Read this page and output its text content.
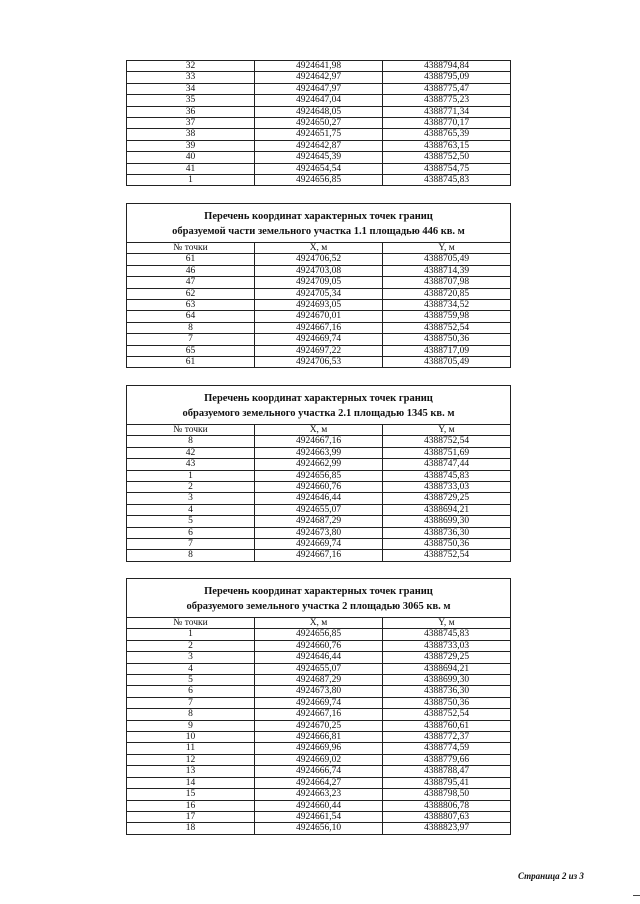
32	4924641,98	4388794,84
33	4924642,97	4388795,09
34	4924647,97	4388775,47
35	4924647,04	4388775,23
36	4924648,05	4388771,34
37	4924650,27	4388770,17
38	4924651,75	4388765,39
39	4924642,87	4388763,15
40	4924645,39	4388752,50
41	4924654,54	4388754,75
1	4924656,85	4388745,83
Перечень координат характерных точек границ
образуемой части земельного участка 1.1 площадью 446 кв. м		
№ точки	X, м	Y, м
61	4924706,52	4388705,49
46	4924703,08	4388714,39
47	4924709,05	4388707,98
62	4924705,34	4388720,85
63	4924693,05	4388734,52
64	4924670,01	4388759,98
8	4924667,16	4388752,54
7	4924669,74	4388750,36
65	4924697,22	4388717,09
61	4924706,53	4388705,49
Перечень координат характерных точек границ
образуемого земельного участка 2.1 площадью 1345 кв. м		
№ точки	X, м	Y, м
8	4924667,16	4388752,54
42	4924663,99	4388751,69
43	4924662,99	4388747,44
1	4924656,85	4388745,83
2	4924660,76	4388733,03
3	4924646,44	4388729,25
4	4924655,07	4388694,21
5	4924687,29	4388699,30
6	4924673,80	4388736,30
7	4924669,74	4388750,36
8	4924667,16	4388752,54
Перечень координат характерных точек границ
образуемого земельного участка 2 площадью 3065 кв. м		
№ точки	X, м	Y, м
1	4924656,85	4388745,83
2	4924660,76	4388733,03
3	4924646,44	4388729,25
4	4924655,07	4388694,21
5	4924687,29	4388699,30
6	4924673,80	4388736,30
7	4924669,74	4388750,36
8	4924667,16	4388752,54
9	4924670,25	4388760,61
10	4924666,81	4388772,37
11	4924669,96	4388774,59
12	4924669,02	4388779,66
13	4924666,74	4388788,47
14	4924664,27	4388795,41
15	4924663,23	4388798,50
16	4924660,44	4388806,78
17	4924661,54	4388807,63
18	4924656,10	4388823,97
Страница 2 из 3
